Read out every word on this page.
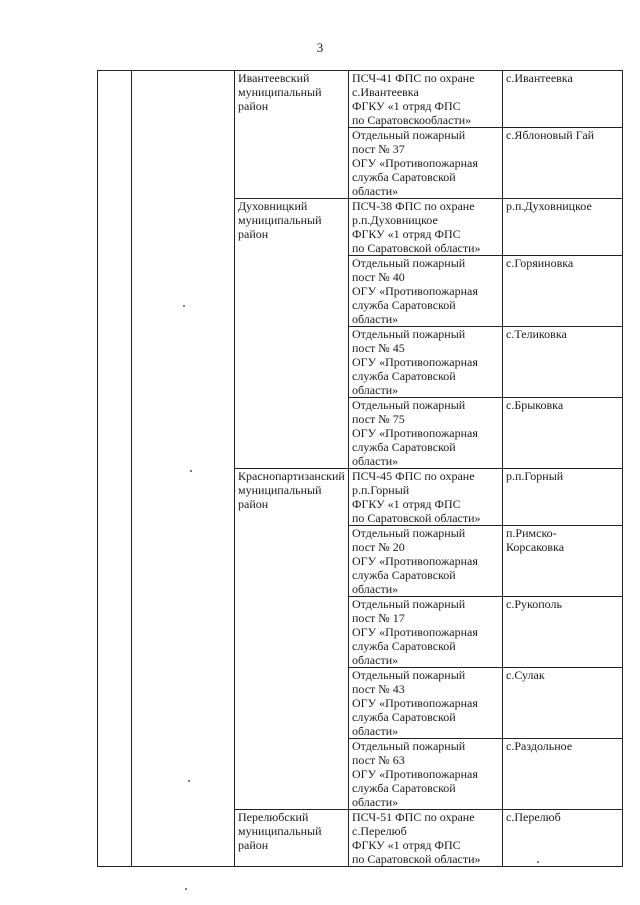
3

		Ивантеевский
муниципальный
район	ПСЧ-41 ФПС по охране
с.Ивантеевка
ФГКУ «1 отряд ФПС
по Саратовскообласти»	с.Ивантеевка

			Отдельный пожарный
пост № 37
ОГУ «Противопожарная
служба Саратовской
области»	с.Яблоновый Гай

		Духовницкий
муниципальный
район	ПСЧ-38 ФПС по охране
р.п.Духовницкое
ФГКУ «1 отряд ФПС
по Саратовской области»	р.п.Духовницкое

			Отдельный пожарный
пост № 40
ОГУ «Противопожарная
служба Саратовской
области»	с.Горяиновка

			Отдельный пожарный
пост № 45
ОГУ «Противопожарная
служба Саратовской
области»	с.Теликовка

			Отдельный пожарный
пост № 75
ОГУ «Противопожарная
служба Саратовской
области»	с.Брыковка

		Краснопартизанский
муниципальный
район	ПСЧ-45 ФПС по охране
р.п.Горный
ФГКУ «1 отряд ФПС
по Саратовской области»	р.п.Горный

			Отдельный пожарный
пост № 20
ОГУ «Противопожарная
служба Саратовской
области»	п.Римско-
Корсаковка

			Отдельный пожарный
пост № 17
ОГУ «Противопожарная
служба Саратовской
области»	с.Рукополь

			Отдельный пожарный
пост № 43
ОГУ «Противопожарная
служба Саратовской
области»	с.Сулак

			Отдельный пожарный
пост № 63
ОГУ «Противопожарная
служба Саратовской
области»	с.Раздольное

		Перелюбский
муниципальный
район	ПСЧ-51 ФПС по охране
с.Перелюб
ФГКУ «1 отряд ФПС
по Саратовской области»	с.Перелюб
